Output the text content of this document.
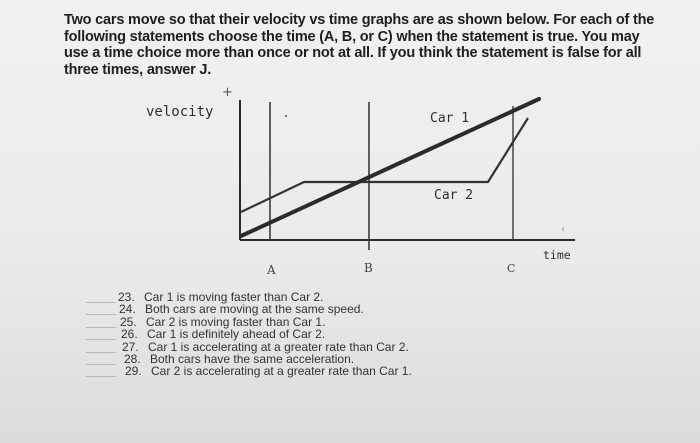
Two cars move so that their velocity vs time graphs are as shown below. For each of the
following statements choose the time (A, B, or C) when the statement is true. You may
use a time choice more than once or not at all. If you think the statement is false for all
three times, answer J.

+
‹
velocity
time
Car 1
Car 2
A	B	C
23. Car 1 is moving faster than Car 2.
24. Both cars are moving at the same speed.
25. Car 2 is moving faster than Car 1.
26. Car 1 is definitely ahead of Car 2.
27. Car 1 is accelerating at a greater rate than Car 2.
28. Both cars have the same acceleration.
29. Car 2 is accelerating at a greater rate than Car 1.
